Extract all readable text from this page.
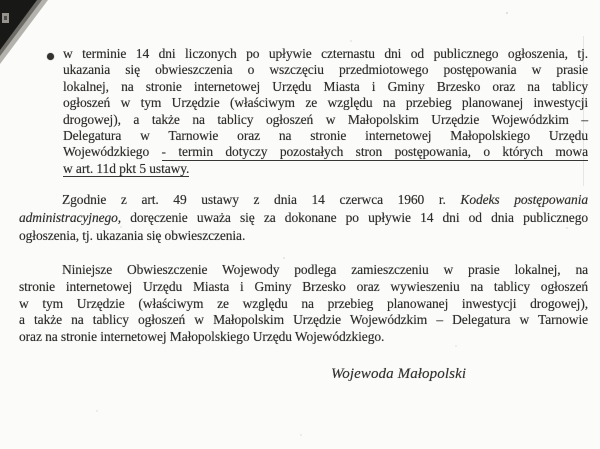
w terminie 14 dni liczonych po upływie czternastu dni od publicznego ogłoszenia, tj.
ukazania się obwieszczenia o wszczęciu przedmiotowego postępowania w prasie
lokalnej, na stronie internetowej Urzędu Miasta i Gminy Brzesko oraz na tablicy
ogłoszeń w tym Urzędzie (właściwym ze względu na przebieg planowanej inwestycji
drogowej), a także na tablicy ogłoszeń w Małopolskim Urzędzie Wojewódzkim –
Delegatura w Tarnowie oraz na stronie internetowej Małopolskiego Urzędu
Wojewódzkiego - termin dotyczy pozostałych stron postępowania, o których mowa
w art. 11d pkt 5 ustawy.
Zgodnie z art. 49 ustawy z dnia 14 czerwca 1960 r. Kodeks postępowania
administracyjnego, doręczenie uważa się za dokonane po upływie 14 dni od dnia publicznego
ogłoszenia, tj. ukazania się obwieszczenia.
Niniejsze Obwieszczenie Wojewody podlega zamieszczeniu w prasie lokalnej, na
stronie internetowej Urzędu Miasta i Gminy Brzesko oraz wywieszeniu na tablicy ogłoszeń
w tym Urzędzie (właściwym ze względu na przebieg planowanej inwestycji drogowej),
a także na tablicy ogłoszeń w Małopolskim Urzędzie Wojewódzkim – Delegatura w Tarnowie
oraz na stronie internetowej Małopolskiego Urzędu Wojewódzkiego.
Wojewoda Małopolski
